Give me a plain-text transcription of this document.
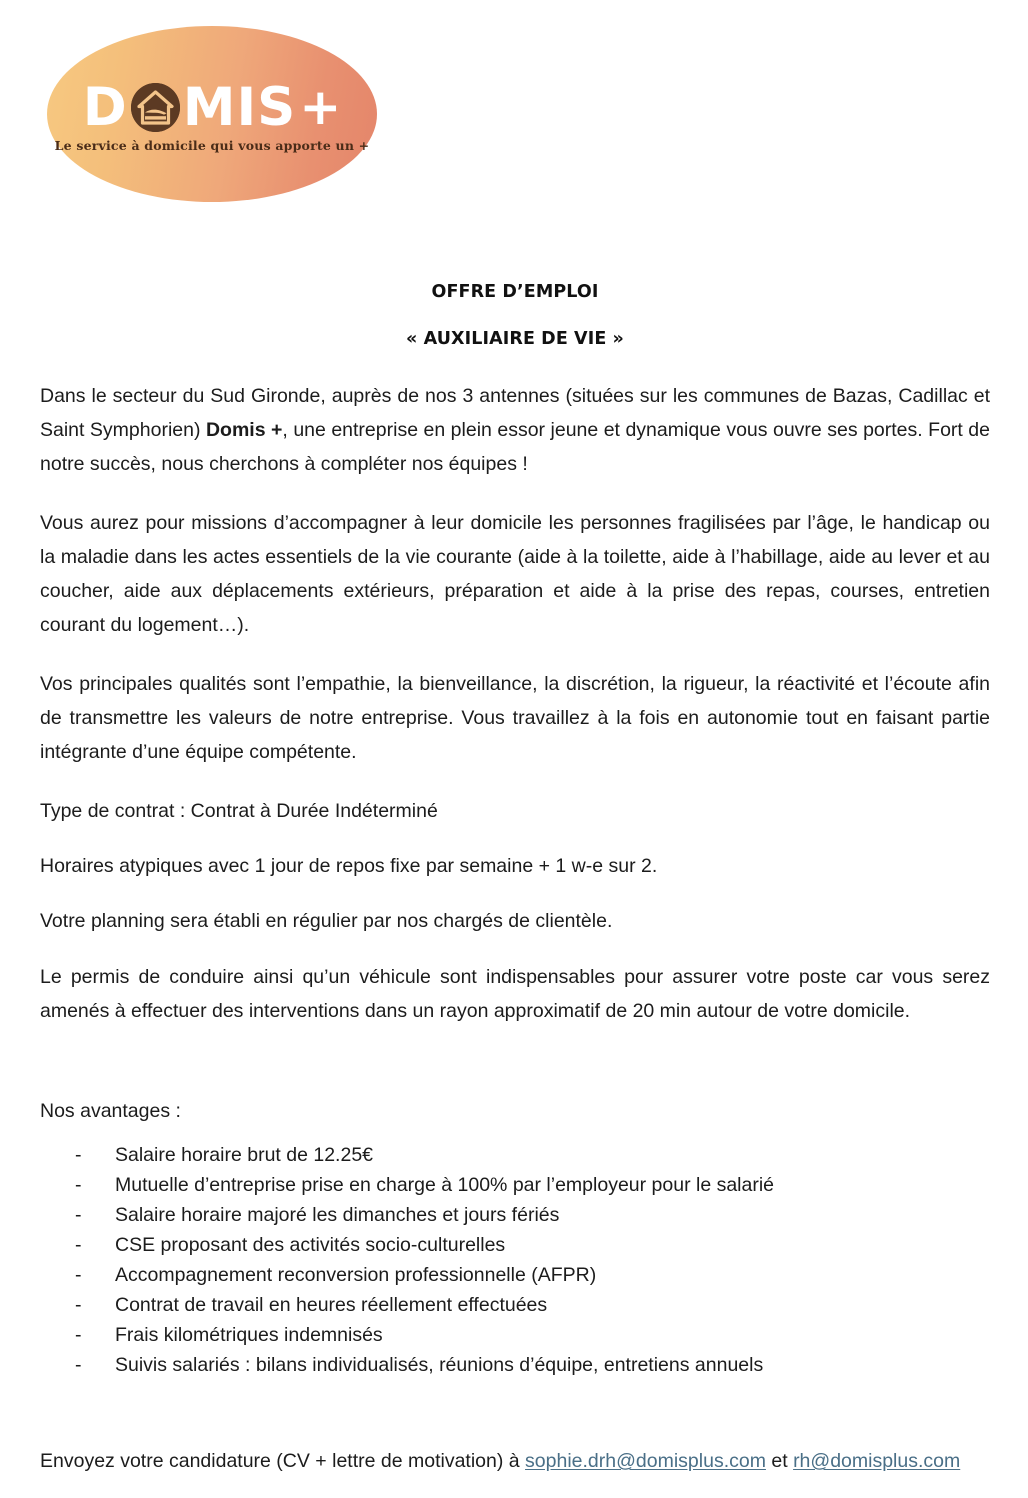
D MIS +
Le service à domicile qui vous apporte un +
OFFRE D’EMPLOI
« AUXILIAIRE DE VIE »

Dans le secteur du Sud Gironde, auprès de nos 3 antennes (situées sur les communes de Bazas, Cadillac et Saint Symphorien) Domis +, une entreprise en plein essor jeune et dynamique vous ouvre ses portes. Fort de notre succès, nous cherchons à compléter nos équipes !

Vous aurez pour missions d’accompagner à leur domicile les personnes fragilisées par l’âge, le handicap ou la maladie dans les actes essentiels de la vie courante (aide à la toilette, aide à l’habillage, aide au lever et au coucher, aide aux déplacements extérieurs, préparation et aide à la prise des repas, courses, entretien courant du logement…).

Vos principales qualités sont l’empathie, la bienveillance, la discrétion, la rigueur, la réactivité et l’écoute afin de transmettre les valeurs de notre entreprise. Vous travaillez à la fois en autonomie tout en faisant partie intégrante d’une équipe compétente.

Type de contrat : Contrat à Durée Indéterminé

Horaires atypiques avec 1 jour de repos fixe par semaine + 1 w-e sur 2.

Votre planning sera établi en régulier par nos chargés de clientèle.

Le permis de conduire ainsi qu’un véhicule sont indispensables pour assurer votre poste car vous serez amenés à effectuer des interventions dans un rayon approximatif de 20 min autour de votre domicile.

Nos avantages :

- Salaire horaire brut de 12.25€
- Mutuelle d’entreprise prise en charge à 100% par l’employeur pour le salarié
- Salaire horaire majoré les dimanches et jours fériés
- CSE proposant des activités socio-culturelles
- Accompagnement reconversion professionnelle (AFPR)
- Contrat de travail en heures réellement effectuées
- Frais kilométriques indemnisés
- Suivis salariés : bilans individualisés, réunions d’équipe, entretiens annuels

Envoyez votre candidature (CV + lettre de motivation) à sophie.drh@domisplus.com et rh@domisplus.com
